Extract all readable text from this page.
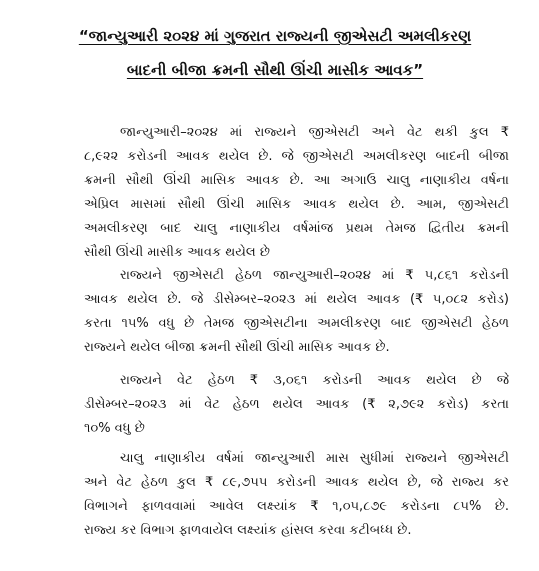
“જાન્યુઆરી ૨૦૨૪ માં ગુજરાત રાજ્યની જીએસટી અમલીકરણ
બાદની બીજા ક્રમની સૌથી ઊંચી માસીક આવક”
જાન્યુઆરી–૨૦૨૪ માં રાજ્યને જીએસટી અને વેટ થકી કુલ ₹
૮,૯૨૨ કરોડની આવક થયેલ છે. જે જીએસટી અમલીકરણ બાદની બીજા
ક્રમની સૌથી ઊંચી માસિક આવક છે. આ અગાઉ ચાલુ નાણાકીય વર્ષના
એપ્રિલ માસમાં સૌથી ઊંચી માસિક આવક થયેલ છે. આમ, જીએસટી
અમલીકરણ બાદ ચાલુ નાણાકીય વર્ષમાંજ પ્રથમ તેમજ દ્વિતીય ક્રમની
સૌથી ઊંચી માસીક આવક થયેલ છે
રાજ્યને જીએસટી હેઠળ જાન્યુઆરી–૨૦૨૪ માં ₹ ૫,૮૬૧ કરોડની
આવક થયેલ છે. જે ડીસેમ્બર–૨૦૨૩ માં થયેલ આવક (₹ ૫,૦૮૨ કરોડ)
કરતા ૧૫% વધુ છે તેમજ જીએસટીના અમલીકરણ બાદ જીએસટી હેઠળ
રાજ્યને થયેલ બીજા ક્રમની સૌથી ઊંચી માસિક આવક છે.
રાજ્યને વેટ હેઠળ ₹ ૩,૦૬૧ કરોડની આવક થયેલ છે જે
ડીસેમ્બર–૨૦૨૩ માં વેટ હેઠળ થયેલ આવક (₹ ૨,૭૯૨ કરોડ) કરતા
૧૦% વધુ છે
ચાલુ નાણાકીય વર્ષમાં જાન્યુઆરી માસ સુધીમાં રાજ્યને જીએસટી
અને વેટ હેઠળ કુલ ₹ ૮૯,૭૫૫ કરોડની આવક થયેલ છે, જે રાજ્ય કર
વિભાગને ફાળવવામાં આવેલ લક્ષ્યાંક ₹ ૧,૦૫,૮૭૯ કરોડના ૮૫% છે.
રાજ્ય કર વિભાગ ફાળવાયેલ લક્ષ્યાંક હાંસલ કરવા કટીબધ્ધ છે.
